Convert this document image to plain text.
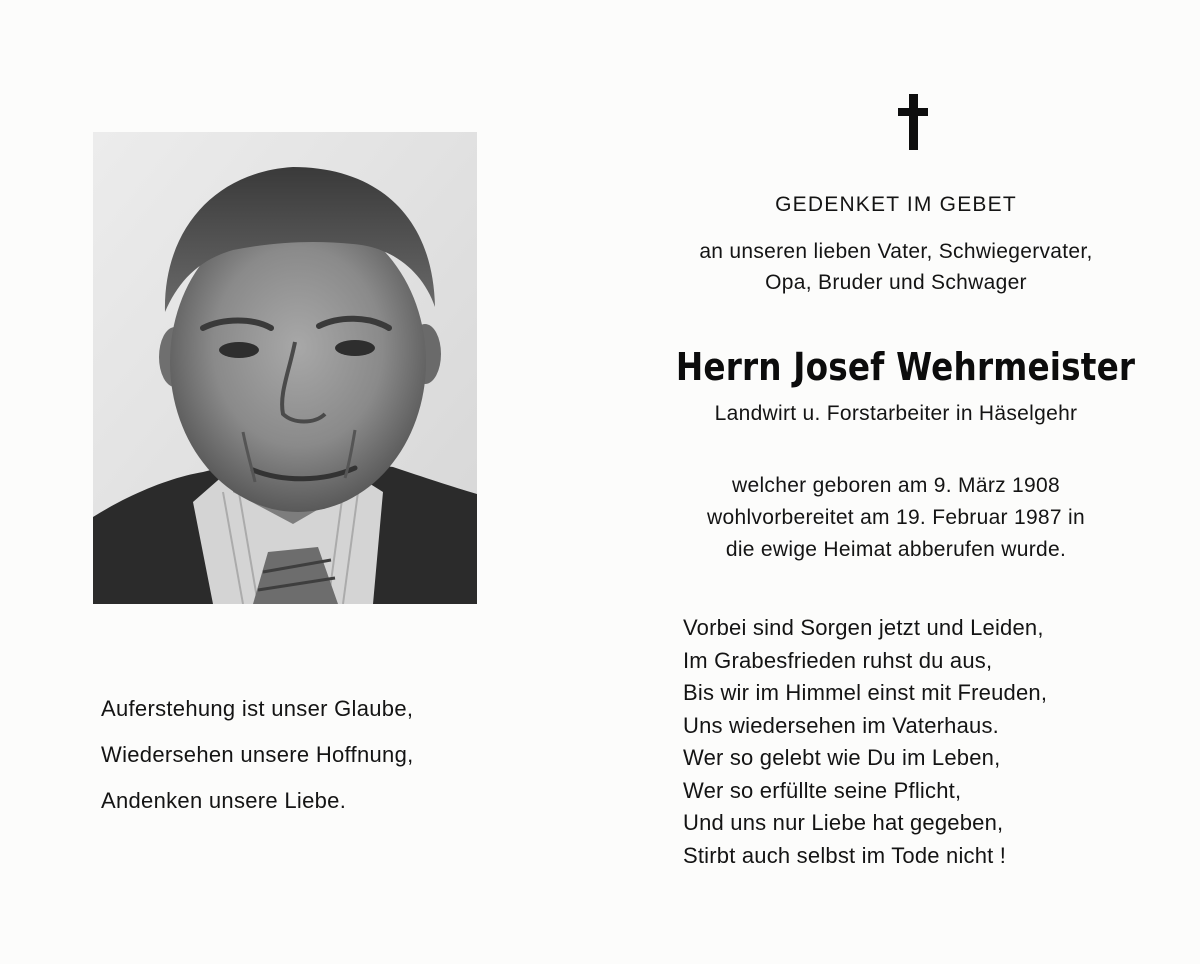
Auferstehung ist unser Glaube,
Wiedersehen unsere Hoffnung,
Andenken unsere Liebe.
GEDENKET IM GEBET
an unseren lieben Vater, Schwiegervater,
Opa, Bruder und Schwager
Herrn Josef Wehrmeister
Landwirt u. Forstarbeiter in Häselgehr
welcher geboren am 9. März 1908
wohlvorbereitet am 19. Februar 1987 in
die ewige Heimat abberufen wurde.
Vorbei sind Sorgen jetzt und Leiden,
Im Grabesfrieden ruhst du aus,
Bis wir im Himmel einst mit Freuden,
Uns wiedersehen im Vaterhaus.
Wer so gelebt wie Du im Leben,
Wer so erfüllte seine Pflicht,
Und uns nur Liebe hat gegeben,
Stirbt auch selbst im Tode nicht !
